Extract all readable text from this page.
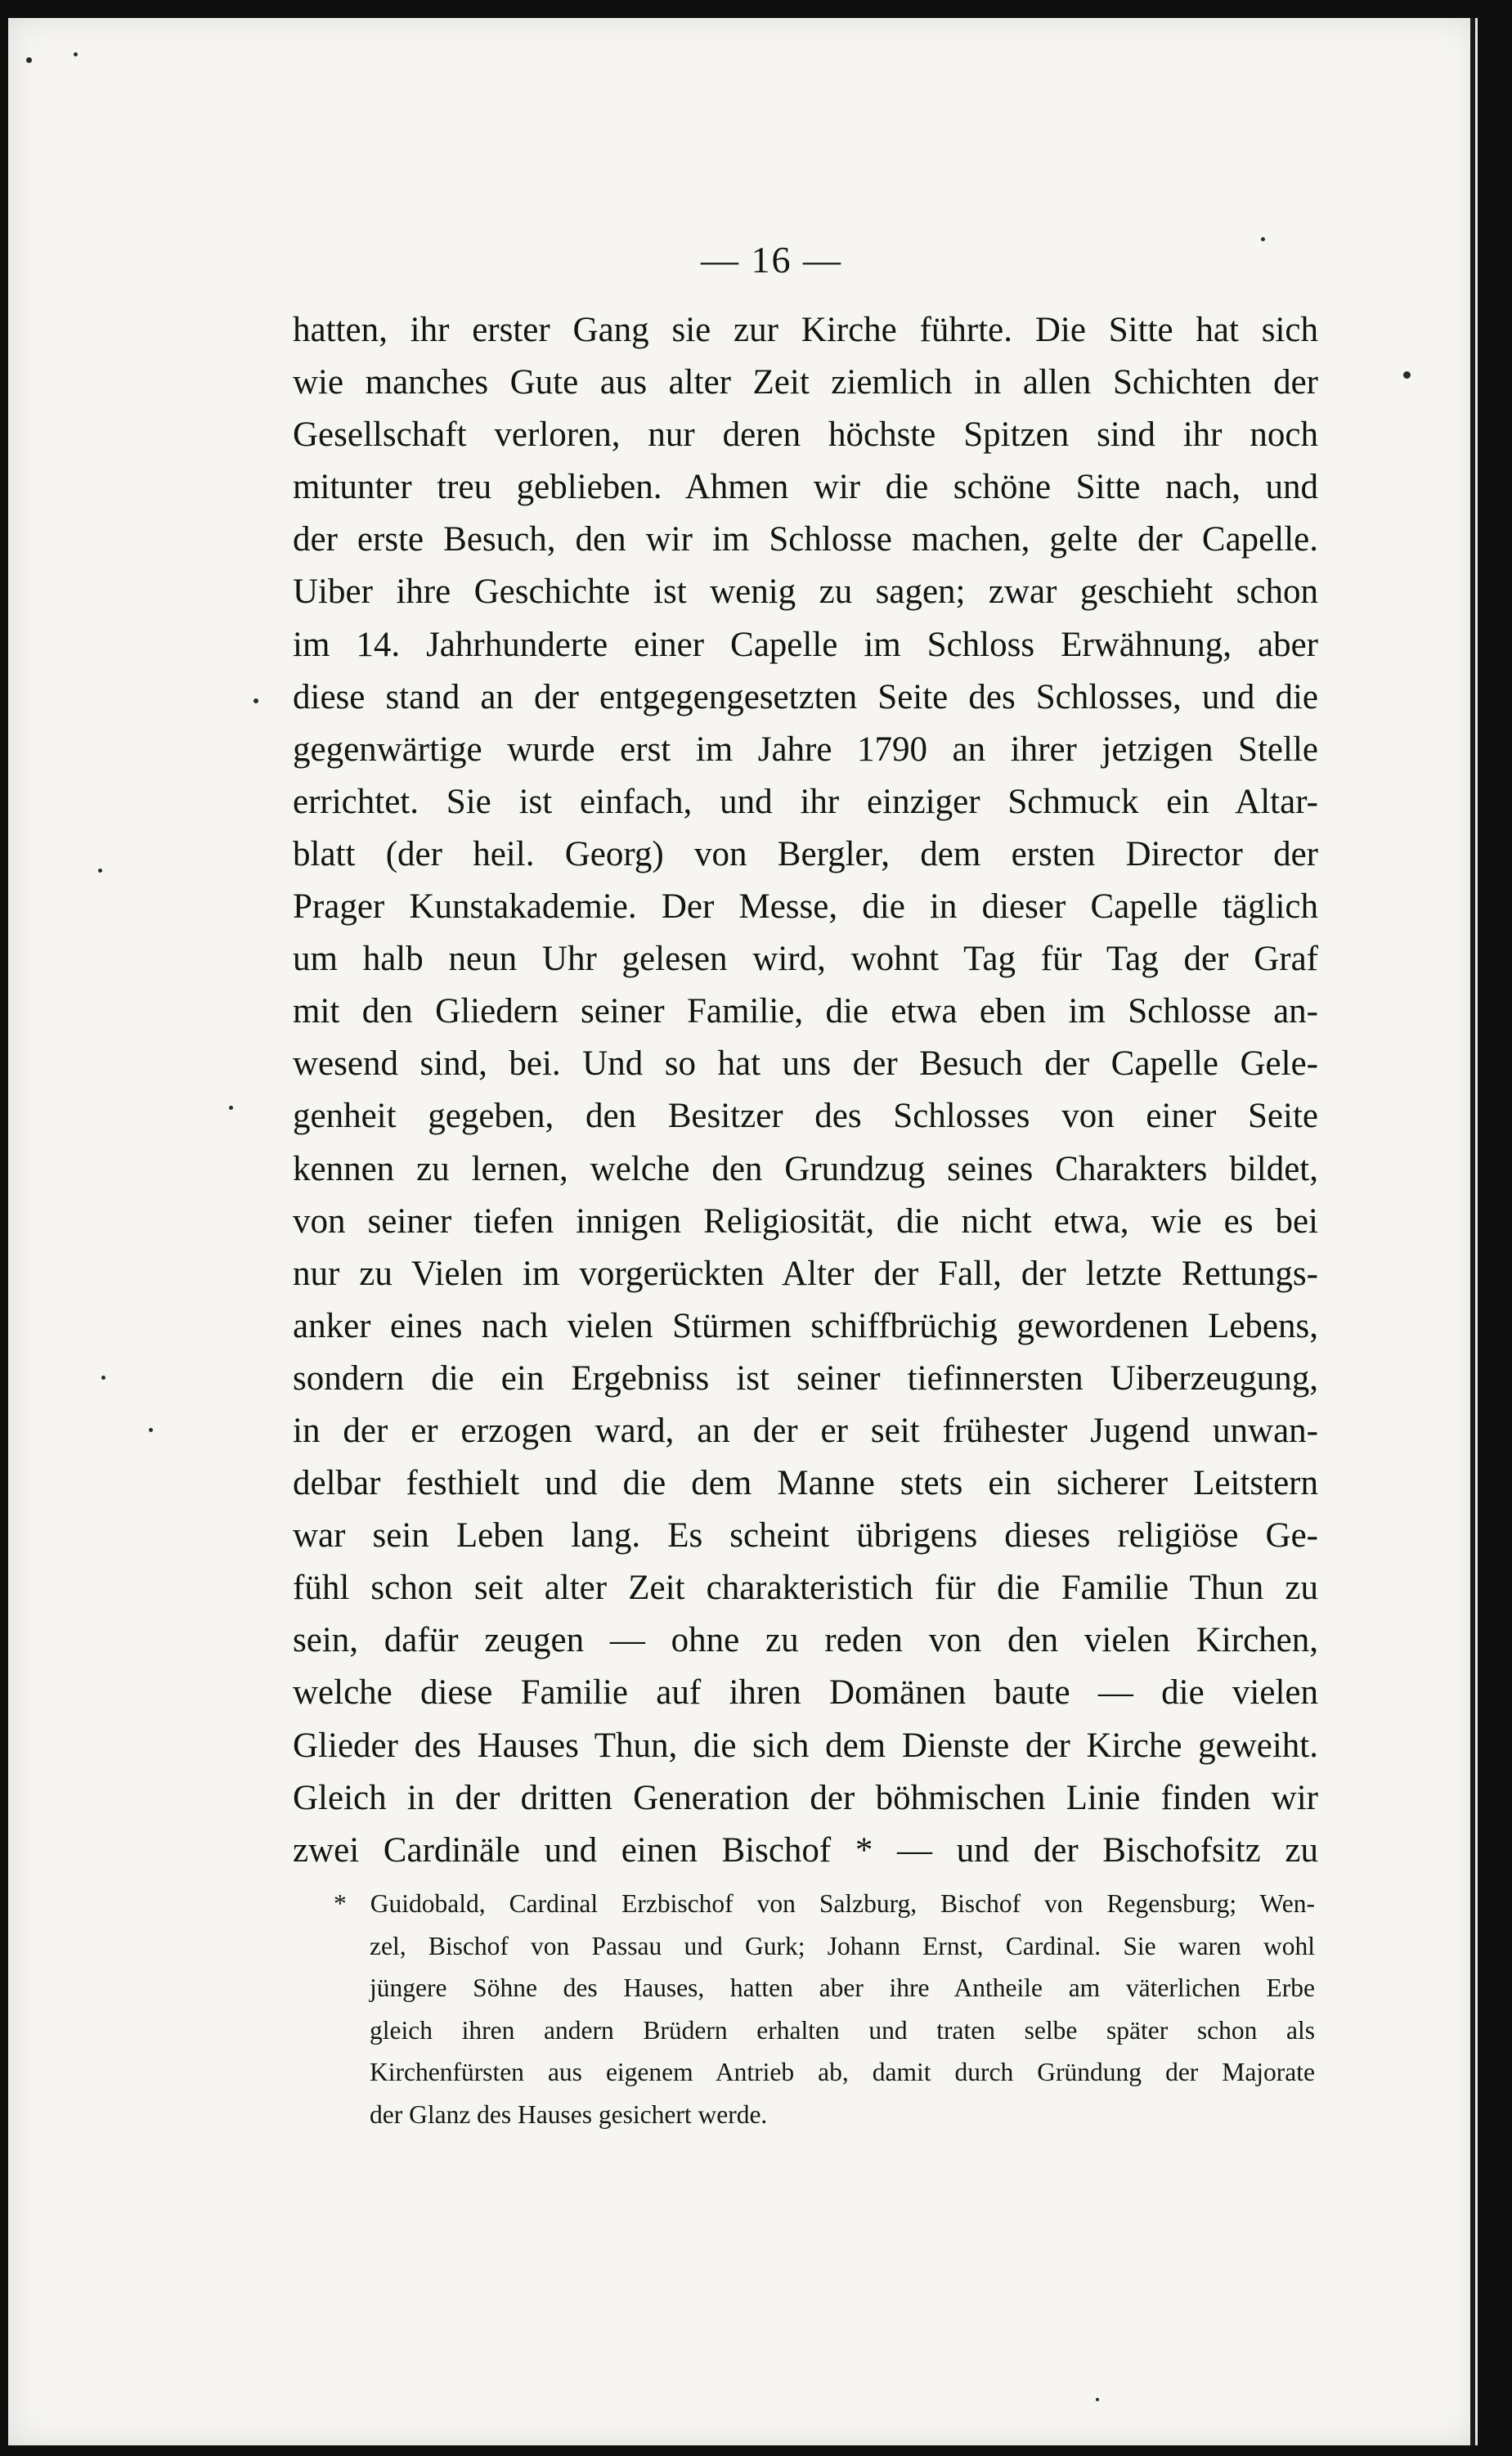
— 16 —
hatten, ihr erster Gang sie zur Kirche führte. Die Sitte hat sich
wie manches Gute aus alter Zeit ziemlich in allen Schichten der
Gesellschaft verloren, nur deren höchste Spitzen sind ihr noch
mitunter treu geblieben. Ahmen wir die schöne Sitte nach, und
der erste Besuch, den wir im Schlosse machen, gelte der Capelle.
Uiber ihre Geschichte ist wenig zu sagen; zwar geschieht schon
im 14. Jahrhunderte einer Capelle im Schloss Erwähnung, aber
diese stand an der entgegengesetzten Seite des Schlosses, und die
gegenwärtige wurde erst im Jahre 1790 an ihrer jetzigen Stelle
errichtet. Sie ist einfach, und ihr einziger Schmuck ein Altar-
blatt (der heil. Georg) von Bergler, dem ersten Director der
Prager Kunstakademie. Der Messe, die in dieser Capelle täglich
um halb neun Uhr gelesen wird, wohnt Tag für Tag der Graf
mit den Gliedern seiner Familie, die etwa eben im Schlosse an-
wesend sind, bei. Und so hat uns der Besuch der Capelle Gele-
genheit gegeben, den Besitzer des Schlosses von einer Seite
kennen zu lernen, welche den Grundzug seines Charakters bildet,
von seiner tiefen innigen Religiosität, die nicht etwa, wie es bei
nur zu Vielen im vorgerückten Alter der Fall, der letzte Rettungs-
anker eines nach vielen Stürmen schiffbrüchig gewordenen Lebens,
sondern die ein Ergebniss ist seiner tiefinnersten Uiberzeugung,
in der er erzogen ward, an der er seit frühester Jugend unwan-
delbar festhielt und die dem Manne stets ein sicherer Leitstern
war sein Leben lang. Es scheint übrigens dieses religiöse Ge-
fühl schon seit alter Zeit charakteristich für die Familie Thun zu
sein, dafür zeugen — ohne zu reden von den vielen Kirchen,
welche diese Familie auf ihren Domänen baute — die vielen
Glieder des Hauses Thun, die sich dem Dienste der Kirche geweiht.
Gleich in der dritten Generation der böhmischen Linie finden wir
zwei Cardinäle und einen Bischof * — und der Bischofsitz zu
* Guidobald, Cardinal Erzbischof von Salzburg, Bischof von Regensburg; Wen-
zel, Bischof von Passau und Gurk; Johann Ernst, Cardinal. Sie waren wohl
jüngere Söhne des Hauses, hatten aber ihre Antheile am väterlichen Erbe
gleich ihren andern Brüdern erhalten und traten selbe später schon als
Kirchenfürsten aus eigenem Antrieb ab, damit durch Gründung der Majorate
der Glanz des Hauses gesichert werde.
